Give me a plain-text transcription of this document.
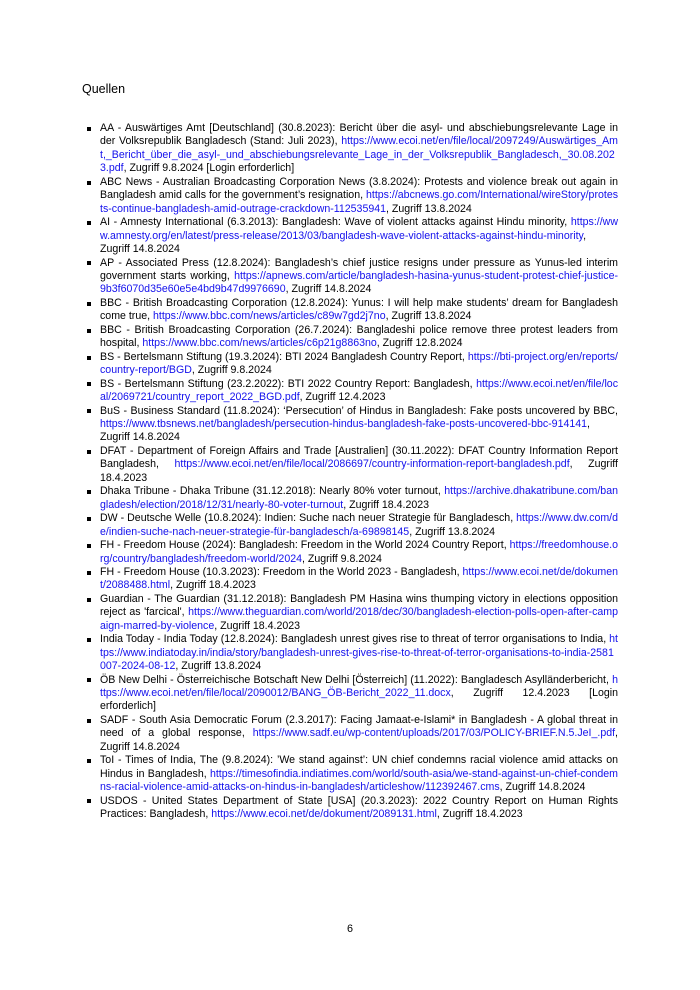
Quellen
AA - Auswärtiges Amt [Deutschland] (30.8.2023): Bericht über die asyl- und abschiebungsrelevante Lage in der Volksrepublik Bangladesch (Stand: Juli 2023), https://www.ecoi.net/en/file/local/2097249/Auswärtiges_Amt,_Bericht_über_die_asyl-_und_abschiebungsrelevante_Lage_in_der_Volksrepublik_Bangladesch,_30.08.2023.pdf, Zugriff 9.8.2024 [Login erforderlich]
ABC News - Australian Broadcasting Corporation News (3.8.2024): Protests and violence break out again in Bangladesh amid calls for the government’s resignation, https://abcnews.go.com/International/wireStory/protests-continue-bangladesh-amid-outrage-crackdown-112535941, Zugriff 13.8.2024
AI - Amnesty International (6.3.2013): Bangladesh: Wave of violent attacks against Hindu minority, https://www.amnesty.org/en/latest/press-release/2013/03/bangladesh-wave-violent-attacks-against-hindu-minority, Zugriff 14.8.2024
AP - Associated Press (12.8.2024): Bangladesh’s chief justice resigns under pressure as Yunus-led interim government starts working, https://apnews.com/article/bangladesh-hasina-yunus-student-protest-chief-justice-9b3f6070d35e60e5e4bd9b47d9976690, Zugriff 14.8.2024
BBC - British Broadcasting Corporation (12.8.2024): Yunus: I will help make students’ dream for Bangladesh come true, https://www.bbc.com/news/articles/c89w7gd2j7no, Zugriff 13.8.2024
BBC - British Broadcasting Corporation (26.7.2024): Bangladeshi police remove three protest leaders from hospital, https://www.bbc.com/news/articles/c6p21g8863no, Zugriff 12.8.2024
BS - Bertelsmann Stiftung (19.3.2024): BTI 2024 Bangladesh Country Report, https://bti-project.org/en/reports/country-report/BGD, Zugriff 9.8.2024
BS - Bertelsmann Stiftung (23.2.2022): BTI 2022 Country Report: Bangladesh, https://www.ecoi.net/en/file/local/2069721/country_report_2022_BGD.pdf, Zugriff 12.4.2023
BuS - Business Standard (11.8.2024): ‘Persecution’ of Hindus in Bangladesh: Fake posts uncovered by BBC, https://www.tbsnews.net/bangladesh/persecution-hindus-bangladesh-fake-posts-uncovered-bbc-914141, Zugriff 14.8.2024
DFAT - Department of Foreign Affairs and Trade [Australien] (30.11.2022): DFAT Country Information Report Bangladesh, https://www.ecoi.net/en/file/local/2086697/country-information-report-bangladesh.pdf, Zugriff 18.4.2023
Dhaka Tribune - Dhaka Tribune (31.12.2018): Nearly 80% voter turnout, https://archive.dhakatribune.com/bangladesh/election/2018/12/31/nearly-80-voter-turnout, Zugriff 18.4.2023
DW - Deutsche Welle (10.8.2024): Indien: Suche nach neuer Strategie für Bangladesch, https://www.dw.com/de/indien-suche-nach-neuer-strategie-für-bangladesch/a-69898145, Zugriff 13.8.2024
FH - Freedom House (2024): Bangladesh: Freedom in the World 2024 Country Report, https://freedomhouse.org/country/bangladesh/freedom-world/2024, Zugriff 9.8.2024
FH - Freedom House (10.3.2023): Freedom in the World 2023 - Bangladesh, https://www.ecoi.net/de/dokument/2088488.html, Zugriff 18.4.2023
Guardian - The Guardian (31.12.2018): Bangladesh PM Hasina wins thumping victory in elections opposition reject as 'farcical', https://www.theguardian.com/world/2018/dec/30/bangladesh-election-polls-open-after-campaign-marred-by-violence, Zugriff 18.4.2023
India Today - India Today (12.8.2024): Bangladesh unrest gives rise to threat of terror organisations to India, https://www.indiatoday.in/india/story/bangladesh-unrest-gives-rise-to-threat-of-terror-organisations-to-india-2581007-2024-08-12, Zugriff 13.8.2024
ÖB New Delhi - Österreichische Botschaft New Delhi [Österreich] (11.2022): Bangladesch Asylländerbericht, https://www.ecoi.net/en/file/local/2090012/BANG_ÖB-Bericht_2022_11.docx, Zugriff 12.4.2023 [Login erforderlich]
SADF - South Asia Democratic Forum (2.3.2017): Facing Jamaat-e-Islami* in Bangladesh - A global threat in need of a global response, https://www.sadf.eu/wp-content/uploads/2017/03/POLICY-BRIEF.N.5.JeI_.pdf, Zugriff 14.8.2024
ToI - Times of India, The (9.8.2024): ’We stand against’: UN chief condemns racial violence amid attacks on Hindus in Bangladesh, https://timesofindia.indiatimes.com/world/south-asia/we-stand-against-un-chief-condemns-racial-violence-amid-attacks-on-hindus-in-bangladesh/articleshow/112392467.cms, Zugriff 14.8.2024
USDOS - United States Department of State [USA] (20.3.2023): 2022 Country Report on Human Rights Practices: Bangladesh, https://www.ecoi.net/de/dokument/2089131.html, Zugriff 18.4.2023
6
